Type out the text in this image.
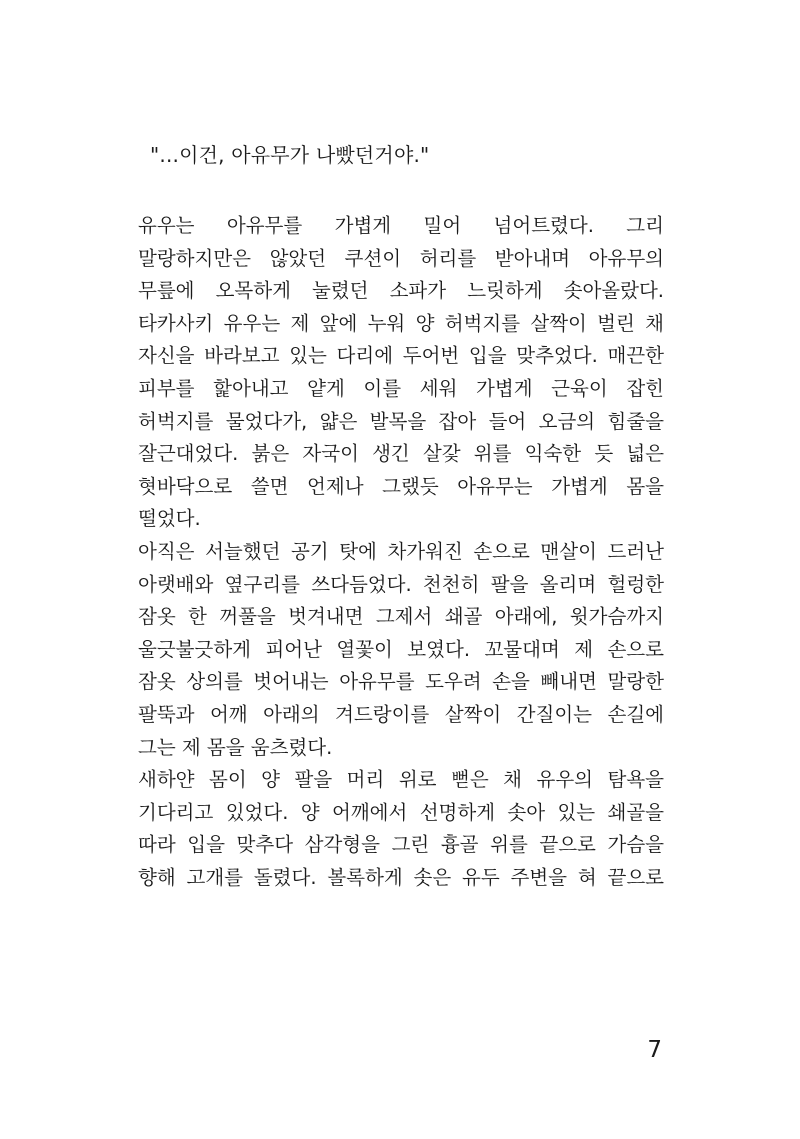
"...이건, 아유무가 나빴던거야."
유우는 아유무를 가볍게 밀어 넘어트렸다. 그리
말랑하지만은 않았던 쿠션이 허리를 받아내며 아유무의
무릎에 오목하게 눌렸던 소파가 느릿하게 솟아올랐다.
타카사키 유우는 제 앞에 누워 양 허벅지를 살짝이 벌린 채
자신을 바라보고 있는 다리에 두어번 입을 맞추었다. 매끈한
피부를 핥아내고 얕게 이를 세워 가볍게 근육이 잡힌
허벅지를 물었다가, 얇은 발목을 잡아 들어 오금의 힘줄을
잘근대었다. 붉은 자국이 생긴 살갗 위를 익숙한 듯 넓은
혓바닥으로 쓸면 언제나 그랬듯 아유무는 가볍게 몸을
떨었다.
아직은 서늘했던 공기 탓에 차가워진 손으로 맨살이 드러난
아랫배와 옆구리를 쓰다듬었다. 천천히 팔을 올리며 헐렁한
잠옷 한 꺼풀을 벗겨내면 그제서 쇄골 아래에, 윗가슴까지
울긋불긋하게 피어난 열꽃이 보였다. 꼬물대며 제 손으로
잠옷 상의를 벗어내는 아유무를 도우려 손을 빼내면 말랑한
팔뚝과 어깨 아래의 겨드랑이를 살짝이 간질이는 손길에
그는 제 몸을 움츠렸다.
새하얀 몸이 양 팔을 머리 위로 뻗은 채 유우의 탐욕을
기다리고 있었다. 양 어깨에서 선명하게 솟아 있는 쇄골을
따라 입을 맞추다 삼각형을 그린 흉골 위를 끝으로 가슴을
향해 고개를 돌렸다. 볼록하게 솟은 유두 주변을 혀 끝으로
7
